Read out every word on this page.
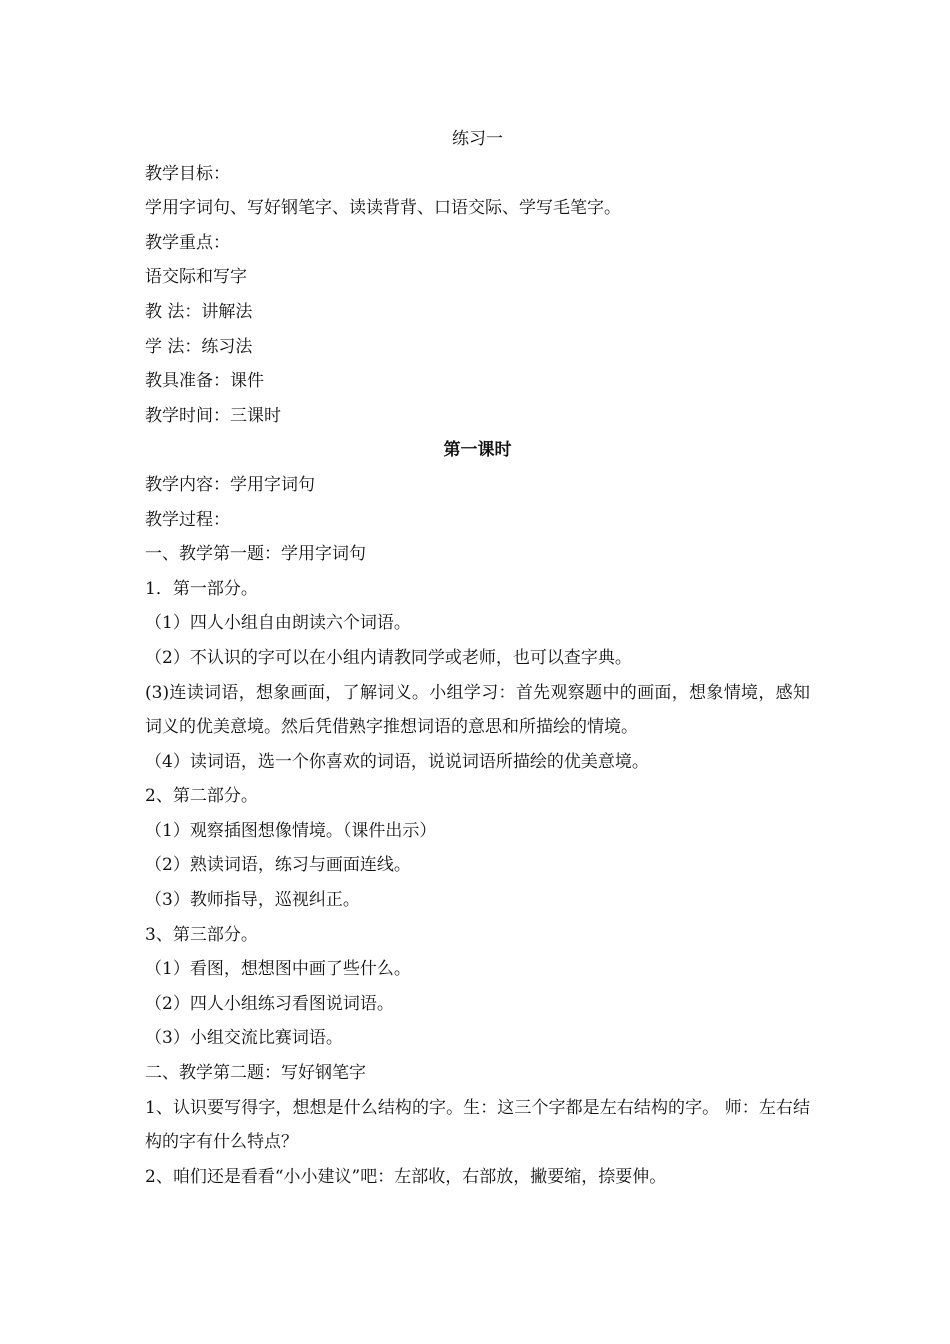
练习一
教学目标：
学用字词句、写好钢笔字、读读背背、口语交际、学写毛笔字。
教学重点：
语交际和写字
教 法：讲解法
学 法：练习法
教具准备：课件
教学时间：三课时
第一课时
教学内容：学用字词句
教学过程：
一、教学第一题：学用字词句
1．第一部分。
（1）四人小组自由朗读六个词语。
（2）不认识的字可以在小组内请教同学或老师，也可以查字典。
(3)连读词语，想象画面，了解词义。小组学习：首先观察题中的画面，想象情境，感知词义的优美意境。然后凭借熟字推想词语的意思和所描绘的情境。
（4）读词语，选一个你喜欢的词语，说说词语所描绘的优美意境。
2、第二部分。
（1）观察插图想像情境。（课件出示）
（2）熟读词语，练习与画面连线。
（3）教师指导，巡视纠正。
3、第三部分。
（1）看图，想想图中画了些什么。
（2）四人小组练习看图说词语。
（3）小组交流比赛词语。
二、教学第二题：写好钢笔字
1、认识要写得字，想想是什么结构的字。生：这三个字都是左右结构的字。 师：左右结构的字有什么特点？
2、咱们还是看看“小小建议”吧：左部收，右部放，撇要缩，捺要伸。
